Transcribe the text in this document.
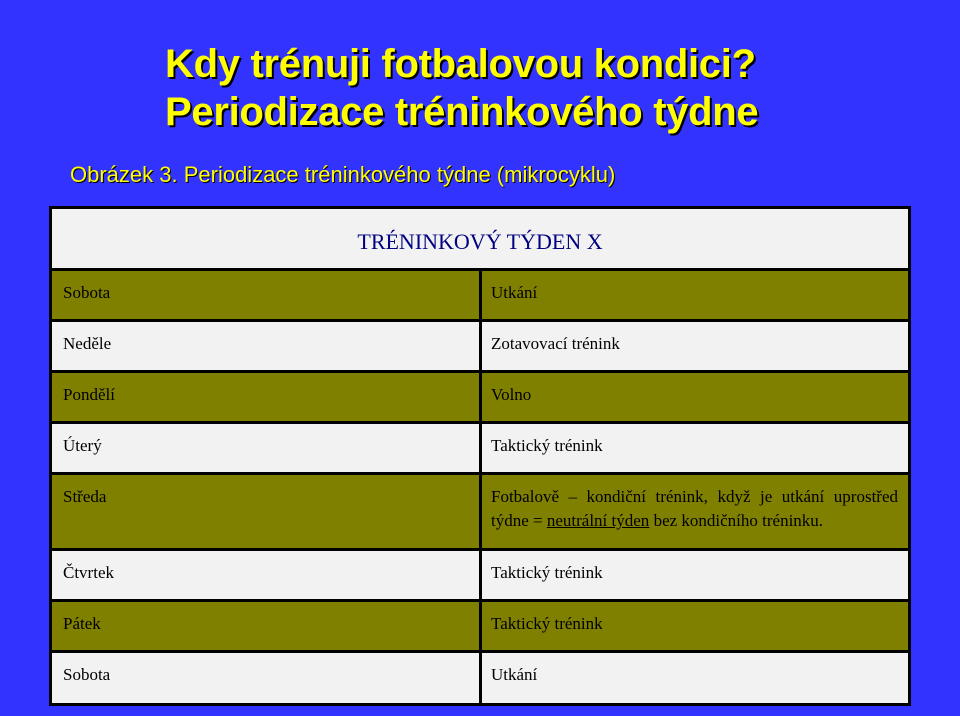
Kdy trénuji fotbalovou kondici?
Periodizace tréninkového týdne
Obrázek 3. Periodizace tréninkového týdne (mikrocyklu)
TRÉNINKOVÝ TÝDEN X
Sobota	Utkání
Neděle	Zotavovací trénink
Pondělí	Volno
Úterý	Taktický trénink
Středa	Fotbalově – kondiční trénink, když je utkání uprostřed týdne = neutrální týden bez kondičního tréninku.
Čtvrtek	Taktický trénink
Pátek	Taktický trénink
Sobota	Utkání
